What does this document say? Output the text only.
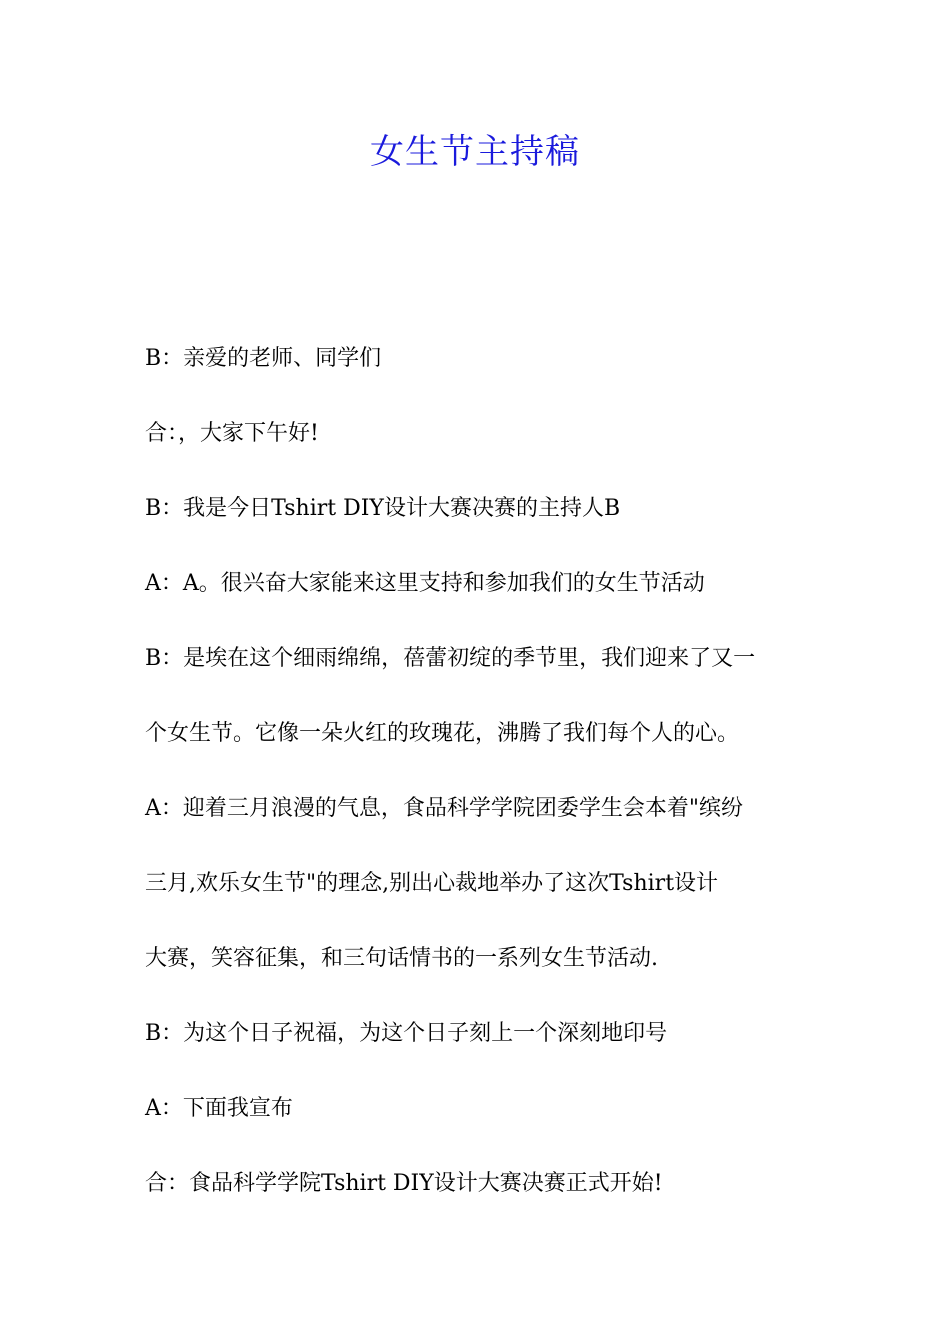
女生节主持稿

B：亲爱的老师、同学们

合：，大家下午好!

B：我是今日Tshirt DIY设计大赛决赛的主持人B

A：A。很兴奋大家能来这里支持和参加我们的女生节活动

B：是埃在这个细雨绵绵，蓓蕾初绽的季节里，我们迎来了又一

个女生节。它像一朵火红的玫瑰花，沸腾了我们每个人的心。

A：迎着三月浪漫的气息，食品科学学院团委学生会本着"缤纷

三月,欢乐女生节"的理念,别出心裁地举办了这次Tshirt设计

大赛，笑容征集，和三句话情书的一系列女生节活动.

B：为这个日子祝福，为这个日子刻上一个深刻地印号

A：下面我宣布

合：食品科学学院Tshirt DIY设计大赛决赛正式开始!
